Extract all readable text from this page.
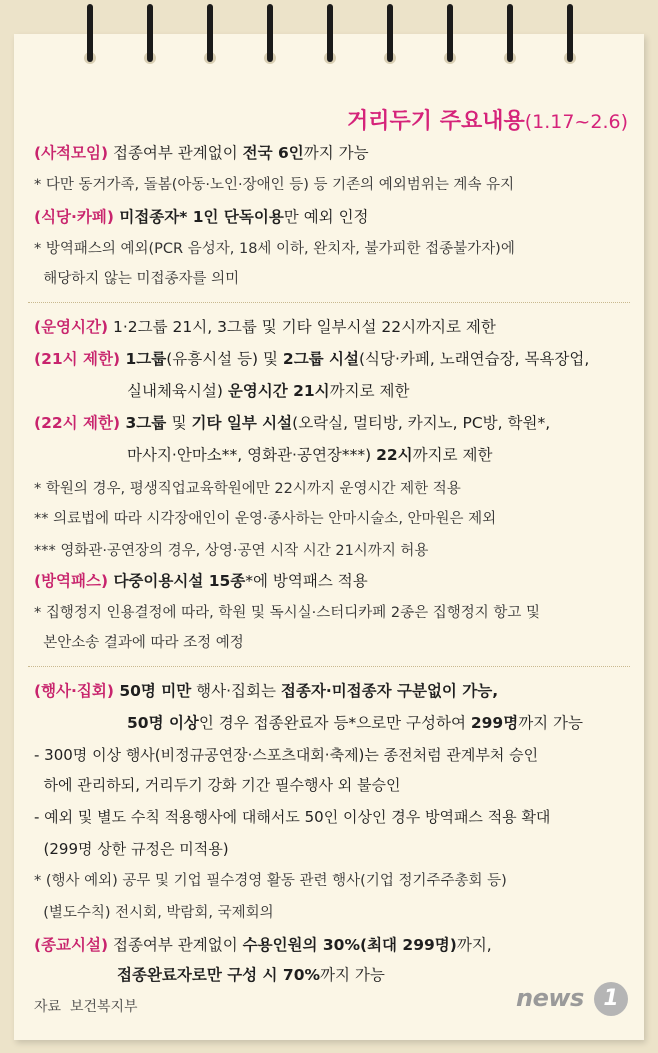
거리두기 주요내용(1.17~2.6)
(사적모임) 접종여부 관계없이 전국 6인까지 가능
* 다만 동거가족, 돌봄(아동·노인·장애인 등) 등 기존의 예외범위는 계속 유지
(식당·카페) 미접종자* 1인 단독이용만 예외 인정
* 방역패스의 예외(PCR 음성자, 18세 이하, 완치자, 불가피한 접종불가자)에
해당하지 않는 미접종자를 의미
(운영시간) 1·2그룹 21시, 3그룹 및 기타 일부시설 22시까지로 제한
(21시 제한) 1그룹(유흥시설 등) 및 2그룹 시설(식당·카페, 노래연습장, 목욕장업,
실내체육시설) 운영시간 21시까지로 제한
(22시 제한) 3그룹 및 기타 일부 시설(오락실, 멀티방, 카지노, PC방, 학원*,
마사지·안마소**, 영화관·공연장***) 22시까지로 제한
* 학원의 경우, 평생직업교육학원에만 22시까지 운영시간 제한 적용
** 의료법에 따라 시각장애인이 운영·종사하는 안마시술소, 안마원은 제외
*** 영화관·공연장의 경우, 상영·공연 시작 시간 21시까지 허용
(방역패스) 다중이용시설 15종*에 방역패스 적용
* 집행정지 인용결정에 따라, 학원 및 독시실·스터디카페 2종은 집행정지 항고 및
본안소송 결과에 따라 조정 예정
(행사·집회) 50명 미만 행사·집회는 접종자·미접종자 구분없이 가능,
50명 이상인 경우 접종완료자 등*으로만 구성하여 299명까지 가능
- 300명 이상 행사(비정규공연장·스포츠대회·축제)는 종전처럼 관계부처 승인
하에 관리하되, 거리두기 강화 기간 필수행사 외 불승인
- 예외 및 별도 수칙 적용행사에 대해서도 50인 이상인 경우 방역패스 적용 확대
(299명 상한 규정은 미적용)
* (행사 예외) 공무 및 기업 필수경영 활동 관련 행사(기업 정기주주총회 등)
(별도수칙) 전시회, 박람회, 국제회의
(종교시설) 접종여부 관계없이 수용인원의 30%(최대 299명)까지,
접종완료자로만 구성 시 70%까지 가능
자료  보건복지부	news 1
